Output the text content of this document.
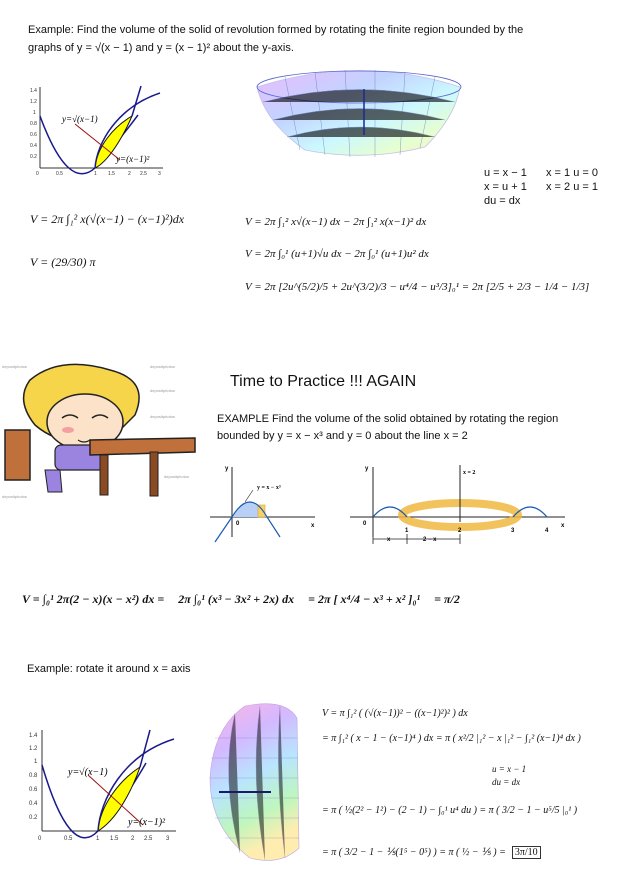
Example: Find the volume of the solid of revolution formed by rotating the finite region bounded by the
graphs of y = √(x − 1) and y = (x − 1)² about the y-axis.
y=√(x−1)
y=(x−1)²
1.4
1.2
1
0.8
0.6
0.4
0.2
0	0.5	1 1.5	2 2.5 3	u = x − 1
x = u + 1
du = dx
x = 1 u = 0
x = 2 u = 1
V = 2π ∫₁² x(√(x−1) − (x−1)²)dx
V = (29/30) π
V = 2π ∫₁² x√(x−1) dx − 2π ∫₁² x(x−1)² dx
V = 2π ∫₀¹ (u+1)√u dx − 2π ∫₀¹ (u+1)u² dx
V = 2π [2u^(5/2)/5 + 2u^(3/2)/3 − u⁴/4 − u³/3]₀¹ = 2π [2/5 + 2/3 − 1/4 − 1/3]
depositphotos	depositphotos
depositphotos
depositphotos
depositphotos
depositphotos
Time to Practice !!! AGAIN
EXAMPLE Find the volume of the solid obtained by rotating the region
bounded by y = x − x³ and y = 0 about the line x = 2
y = x − x³
0
y
x
x = 2
0
1	2	3	4
y
x
x	2 − x
V = ∫₀¹ 2π(2 − x)(x − x²) dx = 2π ∫₀¹ (x³ − 3x² + 2x) dx = 2π [ x⁴/4 − x³ + x² ]₀¹ = π/2
Example: rotate it around x = axis
y=√(x−1)
y=(x−1)²
1.4
1.2
1
0.8
0.6
0.4
0.2
0	0.5	1 1.5 2 2.5 3
V = π ∫₁² ( (√(x−1))² − ((x−1)²)² ) dx
= π ∫₁² ( x − 1 − (x−1)⁴ ) dx = π ( x²/2 |₁² − x |₁² − ∫₁² (x−1)⁴ dx )
u = x − 1
du = dx
= π ( ½(2² − 1²) − (2 − 1) − ∫₀¹ u⁴ du ) = π ( 3/2 − 1 − u⁵/5 |₀¹ )
= π ( 3/2 − 1 − ⅕(1⁵ − 0⁵) ) = π ( ½ − ⅕ ) = 3π/10
